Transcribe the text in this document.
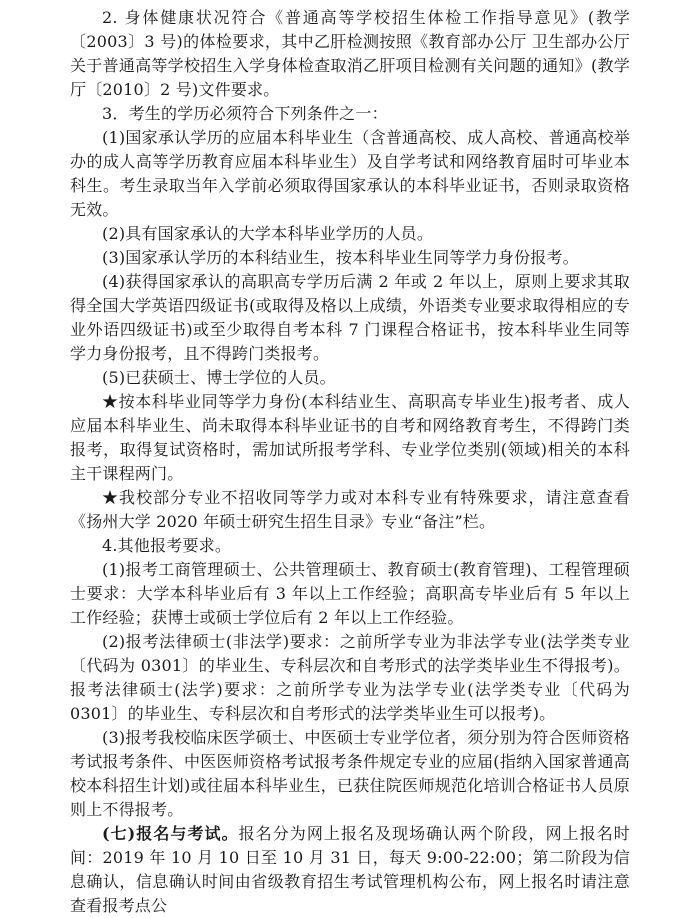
2. 身体健康状况符合《普通高等学校招生体检工作指导意见》(教学〔2003〕3 号)的体检要求，其中乙肝检测按照《教育部办公厅 卫生部办公厅关于普通高等学校招生入学身体检查取消乙肝项目检测有关问题的通知》(教学厅〔2010〕2 号)文件要求。

3．考生的学历必须符合下列条件之一：

(1)国家承认学历的应届本科毕业生（含普通高校、成人高校、普通高校举办的成人高等学历教育应届本科毕业生）及自学考试和网络教育届时可毕业本科生。考生录取当年入学前必须取得国家承认的本科毕业证书，否则录取资格无效。

(2)具有国家承认的大学本科毕业学历的人员。

(3)国家承认学历的本科结业生，按本科毕业生同等学力身份报考。

(4)获得国家承认的高职高专学历后满 2 年或 2 年以上，原则上要求其取得全国大学英语四级证书(或取得及格以上成绩，外语类专业要求取得相应的专业外语四级证书)或至少取得自考本科 7 门课程合格证书，按本科毕业生同等学力身份报考，且不得跨门类报考。

(5)已获硕士、博士学位的人员。

★按本科毕业同等学力身份(本科结业生、高职高专毕业生)报考者、成人应届本科毕业生、尚未取得本科毕业证书的自考和网络教育考生，不得跨门类报考，取得复试资格时，需加试所报考学科、专业学位类别(领域)相关的本科主干课程两门。

★我校部分专业不招收同等学力或对本科专业有特殊要求，请注意查看《扬州大学 2020 年硕士研究生招生目录》专业“备注”栏。

4.其他报考要求。

(1)报考工商管理硕士、公共管理硕士、教育硕士(教育管理)、工程管理硕士要求：大学本科毕业后有 3 年以上工作经验；高职高专毕业后有 5 年以上工作经验；获博士或硕士学位后有 2 年以上工作经验。

(2)报考法律硕士(非法学)要求：之前所学专业为非法学专业(法学类专业〔代码为 0301〕的毕业生、专科层次和自考形式的法学类毕业生不得报考)。报考法律硕士(法学)要求：之前所学专业为法学专业(法学类专业〔代码为 0301〕的毕业生、专科层次和自考形式的法学类毕业生可以报考)。

(3)报考我校临床医学硕士、中医硕士专业学位者，须分别为符合医师资格考试报考条件、中医医师资格考试报考条件规定专业的应届(指纳入国家普通高校本科招生计划)或往届本科毕业生，已获住院医师规范化培训合格证书人员原则上不得报考。

(七)报名与考试。报名分为网上报名及现场确认两个阶段，网上报名时间：2019 年 10 月 10 日至 10 月 31 日，每天 9:00-22:00；第二阶段为信息确认，信息确认时间由省级教育招生考试管理机构公布，网上报名时请注意查看报考点公
